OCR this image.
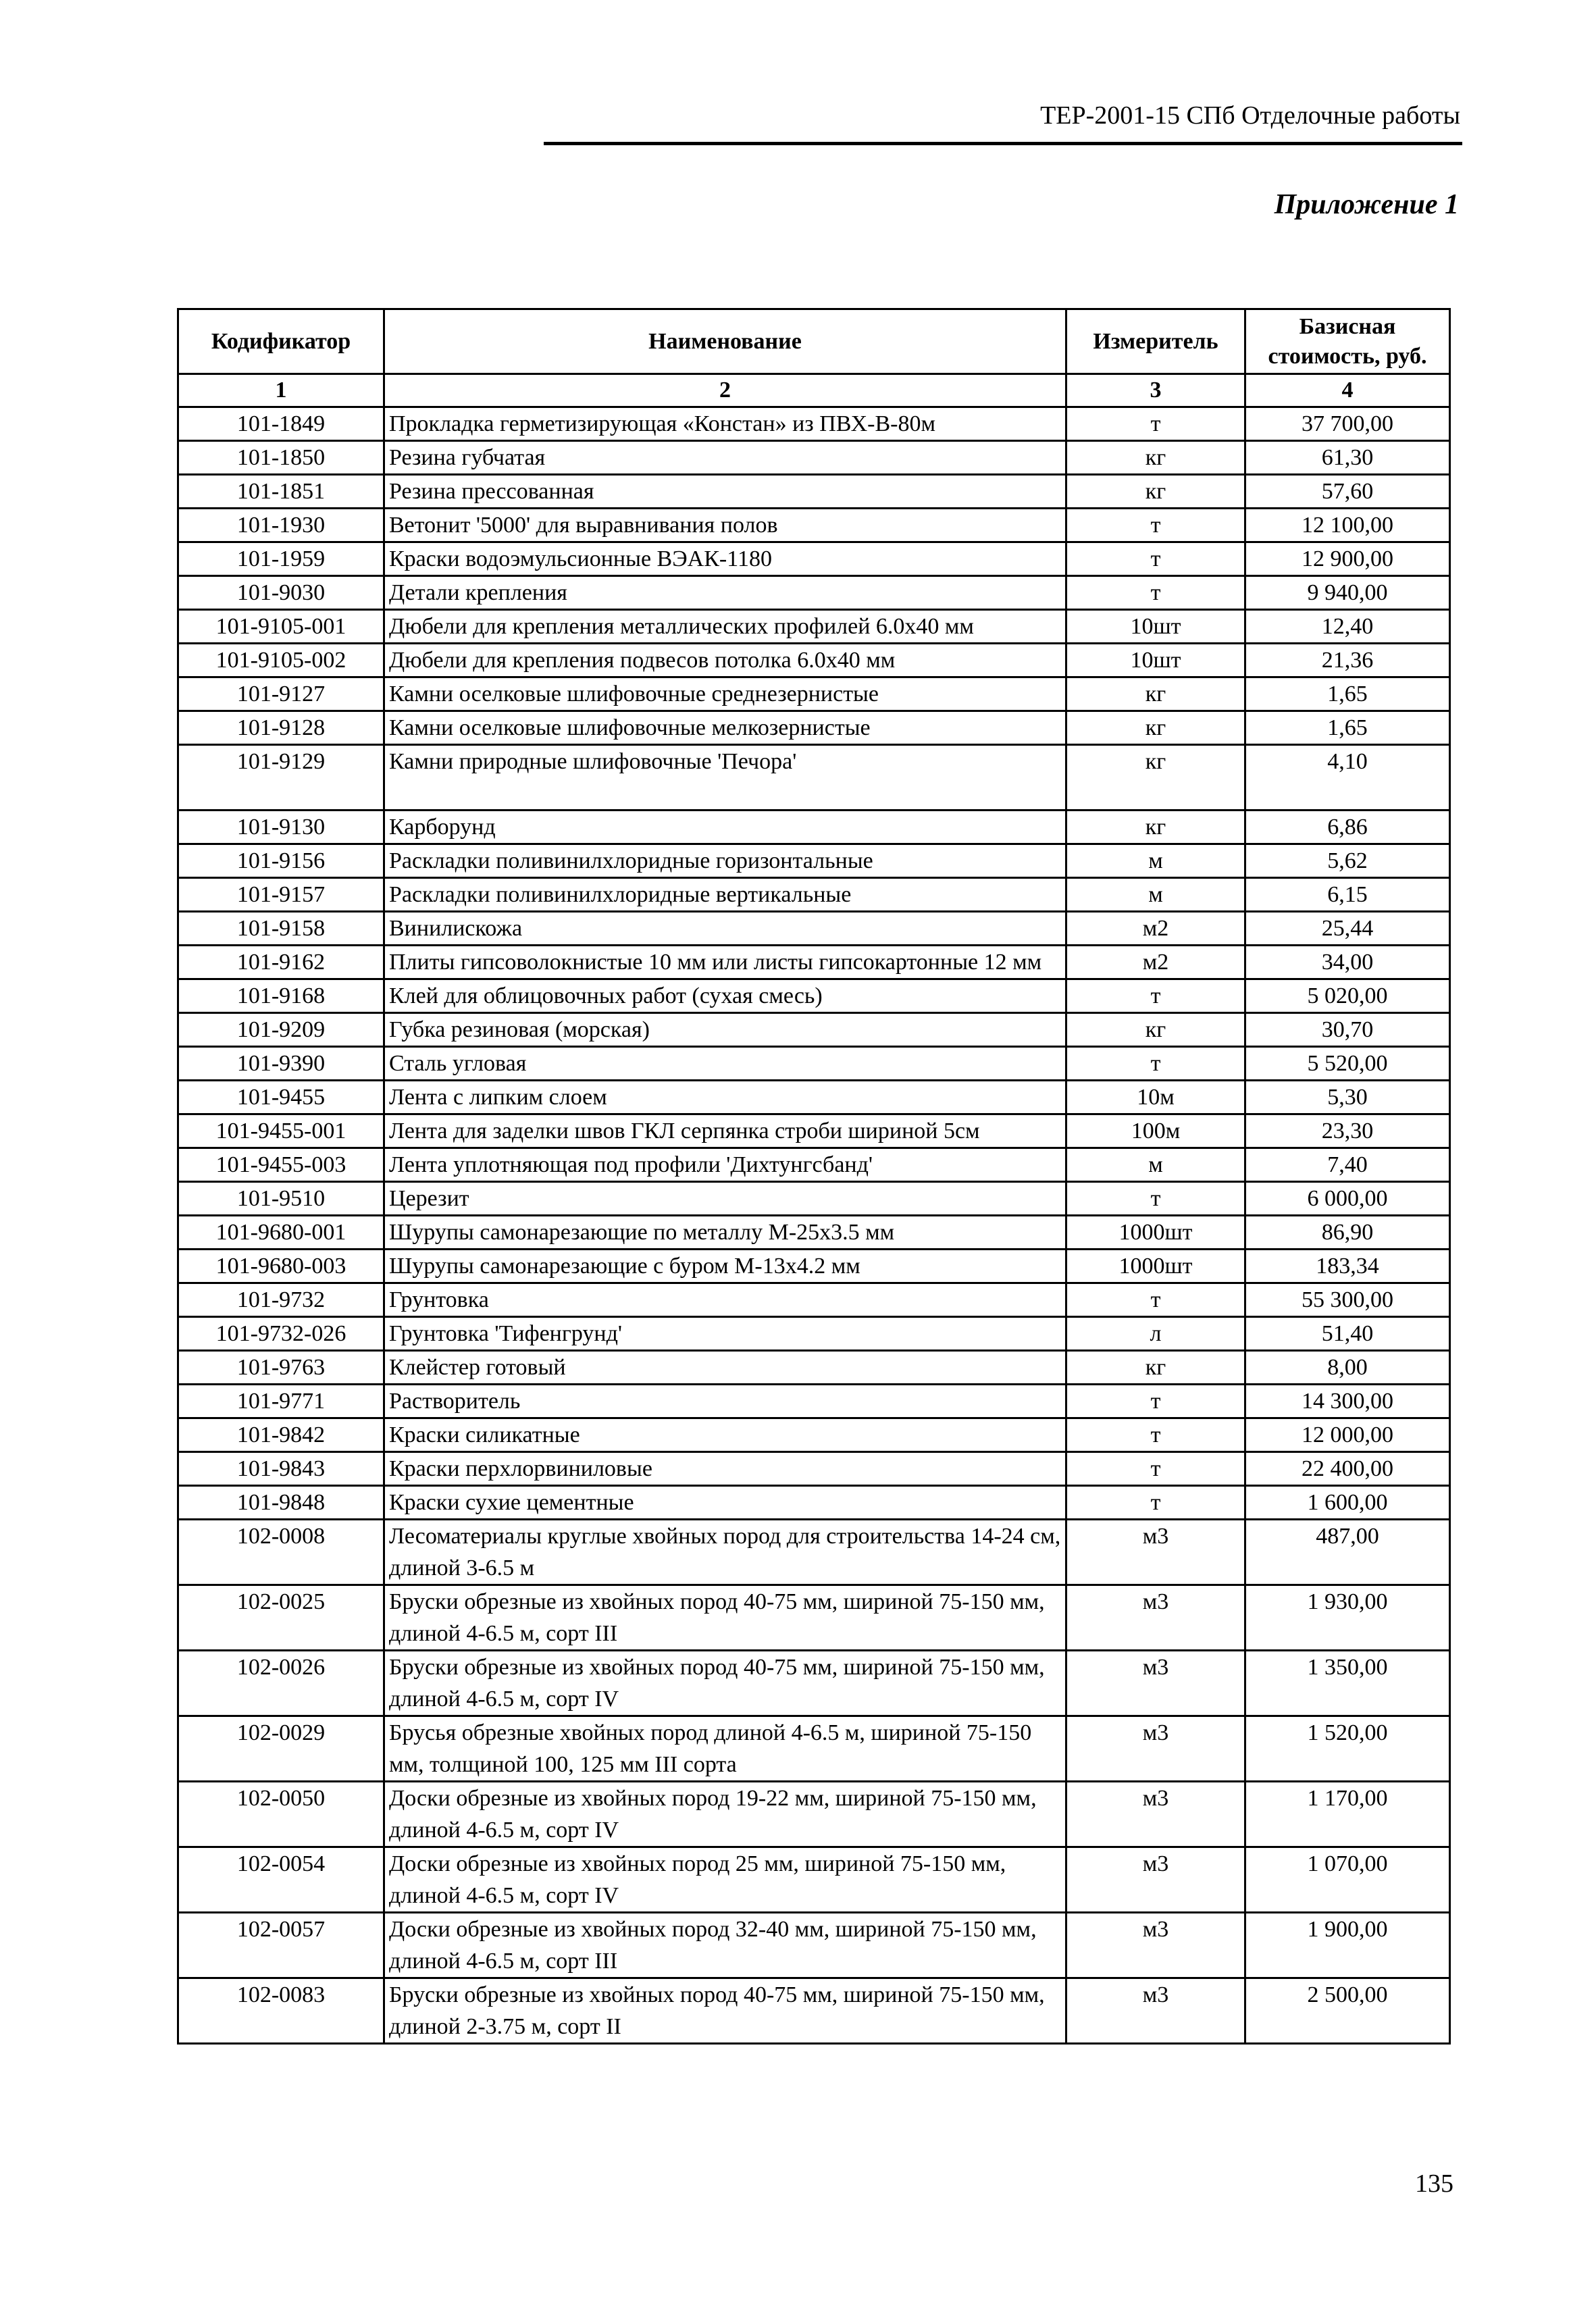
ТЕР-2001-15 СПб Отделочные работы
Приложение 1
Кодификатор	Наименование	Измеритель	Базисная стоимость, руб.
1	2	3	4
101-1849	Прокладка герметизирующая «Констан» из ПВХ-В-80м	т	37 700,00
101-1850	Резина губчатая	кг	61,30
101-1851	Резина прессованная	кг	57,60
101-1930	Ветонит '5000' для выравнивания полов	т	12 100,00
101-1959	Краски водоэмульсионные ВЭАК-1180	т	12 900,00
101-9030	Детали крепления	т	9 940,00
101-9105-001	Дюбели для крепления металлических профилей 6.0х40 мм	10шт	12,40
101-9105-002	Дюбели для крепления подвесов потолка 6.0х40 мм	10шт	21,36
101-9127	Камни оселковые шлифовочные среднезернистые	кг	1,65
101-9128	Камни оселковые шлифовочные мелкозернистые	кг	1,65
101-9129	Камни природные шлифовочные 'Печора'	кг	4,10
101-9130	Карборунд	кг	6,86
101-9156	Раскладки поливинилхлоридные горизонтальные	м	5,62
101-9157	Раскладки поливинилхлоридные вертикальные	м	6,15
101-9158	Винилискожа	м2	25,44
101-9162	Плиты гипсоволокнистые 10 мм или листы гипсокартонные 12 мм	м2	34,00
101-9168	Клей для облицовочных работ (сухая смесь)	т	5 020,00
101-9209	Губка резиновая (морская)	кг	30,70
101-9390	Сталь угловая	т	5 520,00
101-9455	Лента с липким слоем	10м	5,30
101-9455-001	Лента для заделки швов ГКЛ серпянка строби шириной 5см	100м	23,30
101-9455-003	Лента уплотняющая под профили 'Дихтунгсбанд'	м	7,40
101-9510	Церезит	т	6 000,00
101-9680-001	Шурупы самонарезающие по металлу М-25х3.5 мм	1000шт	86,90
101-9680-003	Шурупы самонарезающие с буром М-13х4.2 мм	1000шт	183,34
101-9732	Грунтовка	т	55 300,00
101-9732-026	Грунтовка 'Тифенгрунд'	л	51,40
101-9763	Клейстер готовый	кг	8,00
101-9771	Растворитель	т	14 300,00
101-9842	Краски силикатные	т	12 000,00
101-9843	Краски перхлорвиниловые	т	22 400,00
101-9848	Краски сухие цементные	т	1 600,00
102-0008	Лесоматериалы круглые хвойных пород для строительства 14-24 см, длиной 3-6.5 м	м3	487,00
102-0025	Бруски обрезные из хвойных пород 40-75 мм, шириной 75-150 мм, длиной 4-6.5 м, сорт III	м3	1 930,00
102-0026	Бруски обрезные из хвойных пород 40-75 мм, шириной 75-150 мм, длиной 4-6.5 м, сорт IV	м3	1 350,00
102-0029	Брусья обрезные хвойных пород длиной 4-6.5 м, шириной 75-150 мм, толщиной 100, 125 мм III сорта	м3	1 520,00
102-0050	Доски обрезные из хвойных пород 19-22 мм, шириной 75-150 мм, длиной 4-6.5 м, сорт IV	м3	1 170,00
102-0054	Доски обрезные из хвойных пород 25 мм, шириной 75-150 мм, длиной 4-6.5 м, сорт IV	м3	1 070,00
102-0057	Доски обрезные из хвойных пород 32-40 мм, шириной 75-150 мм, длиной 4-6.5 м, сорт III	м3	1 900,00
102-0083	Бруски обрезные из хвойных пород 40-75 мм, шириной 75-150 мм, длиной 2-3.75 м, сорт II	м3	2 500,00
135
